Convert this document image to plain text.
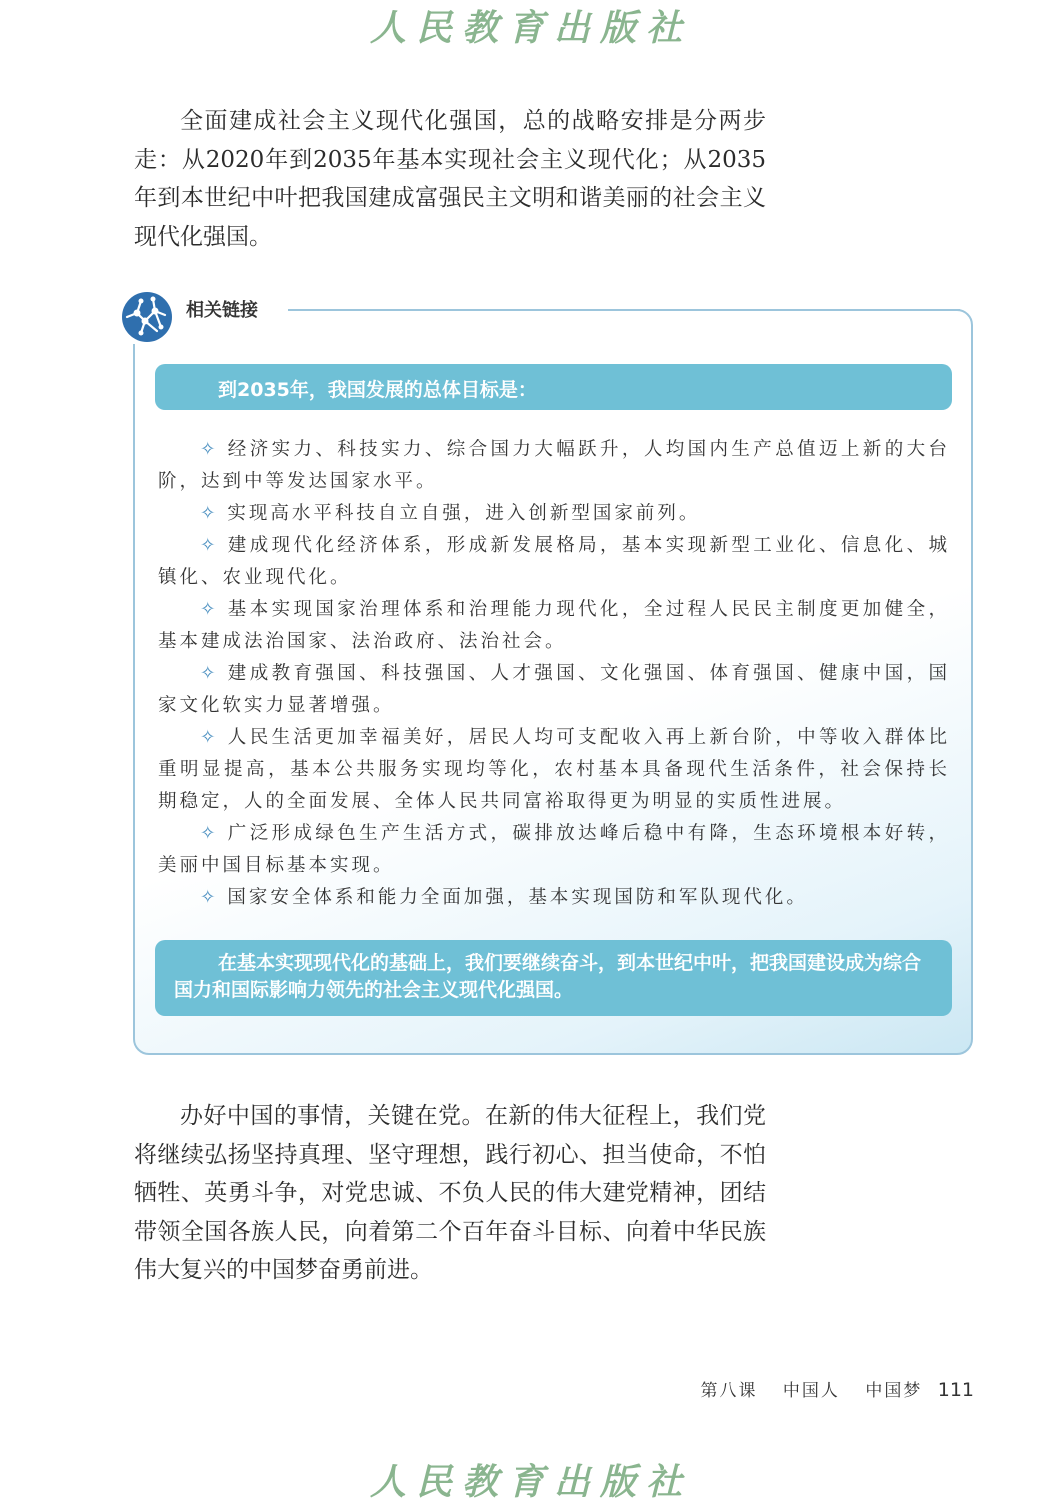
人民教育出版社

全面建成社会主义现代化强国，总的战略安排是分两步走：从2020年到2035年基本实现社会主义现代化；从2035年到本世纪中叶把我国建成富强民主文明和谐美丽的社会主义现代化强国。

相关链接
到2035年，我国发展的总体目标是：
✧ 经济实力、科技实力、综合国力大幅跃升，人均国内生产总值迈上新的大台阶，达到中等发达国家水平。
✧ 实现高水平科技自立自强，进入创新型国家前列。
✧ 建成现代化经济体系，形成新发展格局，基本实现新型工业化、信息化、城镇化、农业现代化。
✧ 基本实现国家治理体系和治理能力现代化，全过程人民民主制度更加健全，基本建成法治国家、法治政府、法治社会。
✧ 建成教育强国、科技强国、人才强国、文化强国、体育强国、健康中国，国家文化软实力显著增强。
✧ 人民生活更加幸福美好，居民人均可支配收入再上新台阶，中等收入群体比重明显提高，基本公共服务实现均等化，农村基本具备现代生活条件，社会保持长期稳定，人的全面发展、全体人民共同富裕取得更为明显的实质性进展。
✧ 广泛形成绿色生产生活方式，碳排放达峰后稳中有降，生态环境根本好转，美丽中国目标基本实现。
✧ 国家安全体系和能力全面加强，基本实现国防和军队现代化。
在基本实现现代化的基础上，我们要继续奋斗，到本世纪中叶，把我国建设成为综合国力和国际影响力领先的社会主义现代化强国。

办好中国的事情，关键在党。在新的伟大征程上，我们党将继续弘扬坚持真理、坚守理想，践行初心、担当使命，不怕牺牲、英勇斗争，对党忠诚、不负人民的伟大建党精神，团结带领全国各族人民，向着第二个百年奋斗目标、向着中华民族伟大复兴的中国梦奋勇前进。

第八课 中国人 中国梦 111
人民教育出版社
